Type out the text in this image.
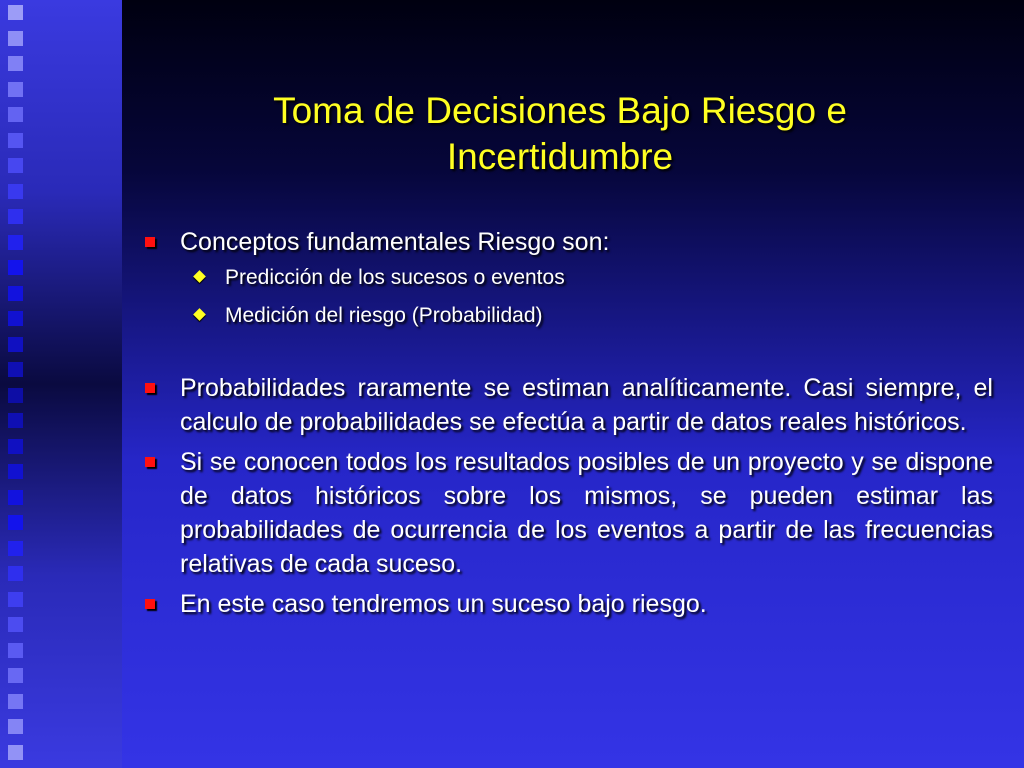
Toma de Decisiones Bajo Riesgo e
Incertidumbre
Conceptos fundamentales Riesgo son:
Predicción de los sucesos o eventos
Medición del riesgo (Probabilidad)
Probabilidades raramente se estiman analíticamente. Casi siempre, el calculo de probabilidades se efectúa a partir de datos reales históricos.
Si se conocen todos los resultados posibles de un proyecto y se dispone de datos históricos sobre los mismos, se pueden estimar las probabilidades de ocurrencia de los eventos a partir de las frecuencias relativas de cada suceso.
En este caso tendremos un suceso bajo riesgo.
